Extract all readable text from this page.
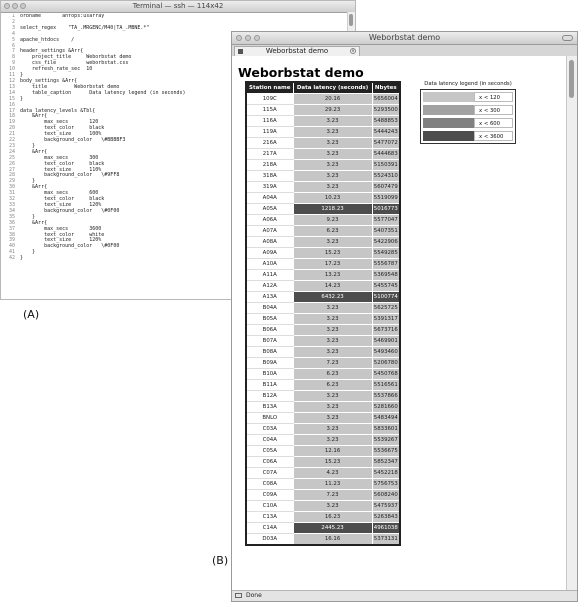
Terminal — ssh — 114x42
1 orbname       anfops:usarray
2
3 select_regex    "TA_.MRGENC/M40|TA_.MBNE.*"
4
5 apache_htdocs    /
6
7 header_settings &Arr{
8 project_title     Weborbstat demo
9 css_file          weborbstat.css
10 refresh_rate_sec  10
11 }
12 body_settings &Arr{
13 title         Weborbstat demo
14 table_caption      Data latency legend (in seconds)
15 }
16
17 data_latency_levels &Tbl{
18 &Arr{
19 max_secs       120
20 text_color     black
21 text_size      100%
22 background_color   \#BBBBF3
23 }
24 &Arr{
25 max_secs       300
26 text_color     black
27 text_size      110%
28 background_color   \#9FF8
29 }
30 &Arr{
31 max_secs       600
32 text_color     black
33 text_size      120%
34 background_color   \#0F00
35 }
36 &Arr{
37 max_secs       3600
38 text_color     white
39 text_size      120%
40 background_color   \#0F00
41 }
42 }
(A)
(B)
Weborbstat demo
Weborbstat demo	×
Weborbstat demo
Station name	Data latency (seconds)	Nbytes
109C	20.16	5656004
115A	29.23	5293500
116A	3.23	5488853
119A	3.23	5444243
216A	3.23	5477072
217A	3.23	5444683
218A	3.23	5150391
318A	3.23	5524310
319A	3.23	5607479
A04A	10.23	5519099
A05A	1218.23	5016773
A06A	9.23	5577047
A07A	6.23	5407351
A08A	3.23	5422906
A09A	15.23	5549285
A10A	17.23	5556787
A11A	13.23	5369548
A12A	14.23	5455745
A13A	6432.23	5100774
B04A	3.23	5625725
B05A	3.23	5391317
B06A	3.23	5673716
B07A	3.23	5469901
B08A	3.23	5493460
B09A	7.23	5206780
B10A	6.23	5450768
B11A	6.23	5516561
B12A	3.23	5537866
B13A	3.23	5281660
BNLO	3.23	5483494
C03A	3.23	5833601
C04A	3.23	5539267
C05A	12.16	5536675
C06A	15.23	5852347
C07A	4.23	5452218
C08A	11.23	5756753
C09A	7.23	5608240
C10A	3.23	5475937
C13A	16.23	5263843
C14A	2445.23	4961038
D03A	16.16	5373131
Data latency legend (in seconds)
x < 120
x < 300
x < 600
x < 3600
Done
